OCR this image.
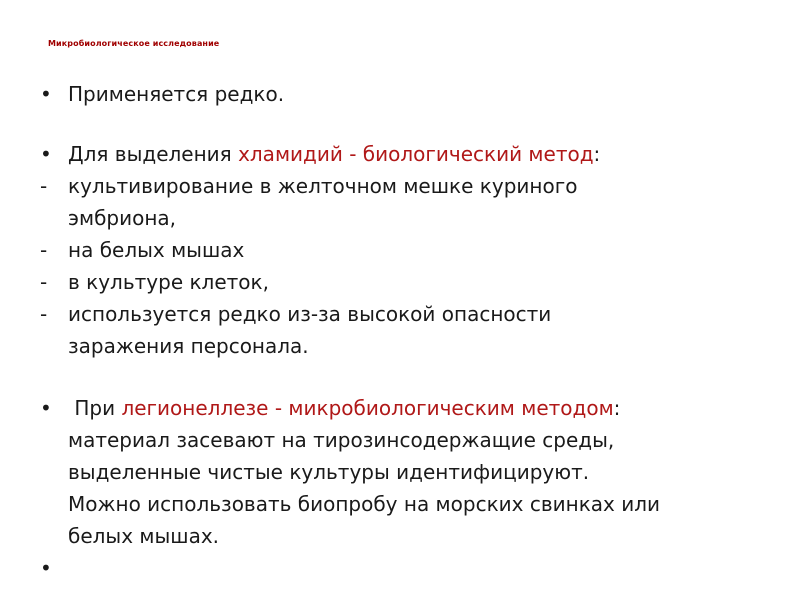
Микробиологическое исследование
• Применяется редко.
• Для выделения хламидий - биологический метод:
-	культивирование в желточном мешке куриного
эмбриона,
-	на белых мышах
-	в культуре клеток,
-	используется редко из-за высокой опасности
заражения персонала.
• При легионеллезе - микробиологическим методом:
материал засевают на тирозинсодержащие среды,
выделенные чистые культуры идентифицируют.
Можно использовать биопробу на морских свинках или
белых мышах.
•
